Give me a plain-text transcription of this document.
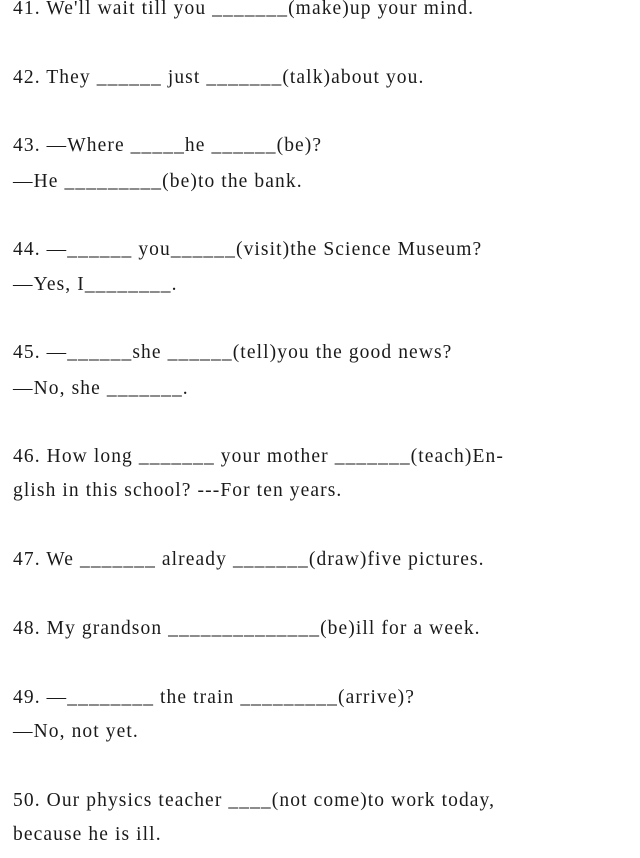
41. We'll wait till you _______(make)up your mind.
42. They ______ just _______(talk)about you.
43. —Where _____he ______(be)?
—He _________(be)to the bank.
44. —______ you______(visit)the Science Museum?
—Yes, I________.
45. —______she ______(tell)you the good news?
—No, she _______.
46. How long _______ your mother _______(teach)En-
glish in this school? ---For ten years.
47. We _______ already _______(draw)five pictures.
48. My grandson ______________(be)ill for a week.
49. —________ the train _________(arrive)?
—No, not yet.
50. Our physics teacher ____(not come)to work today,
because he is ill.
